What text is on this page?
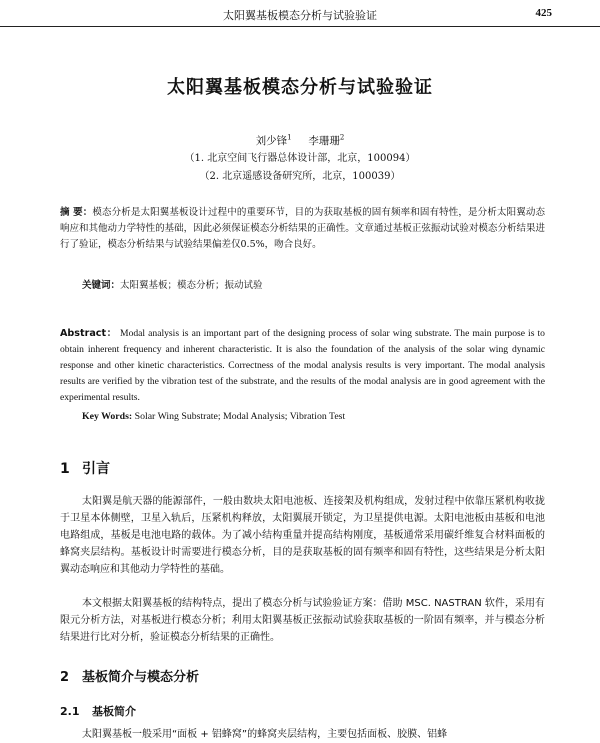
太阳翼基板模态分析与试验验证	425
太阳翼基板模态分析与试验验证
刘少锋$^1$ 李珊珊$^2$
（1. 北京空间飞行器总体设计部，北京，100094）
（2. 北京遥感设备研究所，北京，100039）
摘 要：模态分析是太阳翼基板设计过程中的重要环节，目的为获取基板的固有频率和固有特性，是分析太阳翼动态响应和其他动力学特性的基础，因此必须保证模态分析结果的正确性。文章通过基板正弦振动试验对模态分析结果进行了验证，模态分析结果与试验结果偏差仅0.5%，吻合良好。
关键词：太阳翼基板；模态分析；振动试验
Abstract： Modal analysis is an important part of the designing process of solar wing substrate. The main purpose is to obtain inherent frequency and inherent characteristic. It is also the foundation of the analysis of the solar wing dynamic response and other kinetic characteristics. Correctness of the modal analysis results is very important. The modal analysis results are verified by the vibration test of the substrate, and the results of the modal analysis are in good agreement with the experimental results.
Key Words: Solar Wing Substrate; Modal Analysis; Vibration Test
1 引言
太阳翼是航天器的能源部件，一般由数块太阳电池板、连接架及机构组成，发射过程中依靠压紧机构收拢于卫星本体侧壁，卫星入轨后，压紧机构释放，太阳翼展开锁定，为卫星提供电源。太阳电池板由基板和电池电路组成，基板是电池电路的载体。为了减小结构重量并提高结构刚度，基板通常采用碳纤维复合材料面板的蜂窝夹层结构。基板设计时需要进行模态分析，目的是获取基板的固有频率和固有特性，这些结果是分析太阳翼动态响应和其他动力学特性的基础。
本文根据太阳翼基板的结构特点，提出了模态分析与试验验证方案：借助 MSC. NASTRAN 软件，采用有限元分析方法，对基板进行模态分析；利用太阳翼基板正弦振动试验获取基板的一阶固有频率，并与模态分析结果进行比对分析，验证模态分析结果的正确性。
2 基板简介与模态分析
2.1 基板简介
太阳翼基板一般采用“面板 + 铝蜂窝”的蜂窝夹层结构，主要包括面板、胶膜、铝蜂
